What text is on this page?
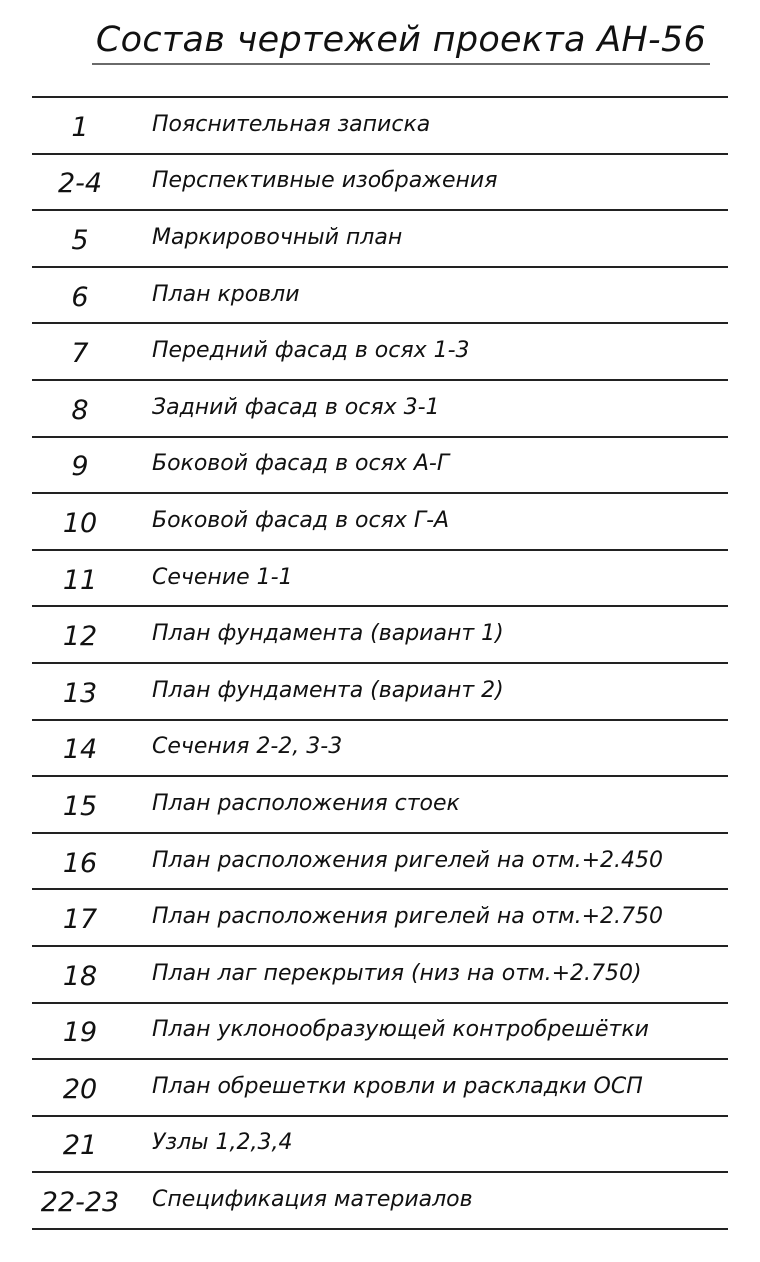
Состав чертежей проекта АН-56
1	Пояснительная записка
2-4	Перспективные изображения
5	Маркировочный план
6	План кровли
7	Передний фасад в осях 1-3
8	Задний фасад в осях 3-1
9	Боковой фасад в осях А-Г
10	Боковой фасад в осях Г-А
11	Сечение 1-1
12	План фундамента (вариант 1)
13	План фундамента (вариант 2)
14	Сечения 2-2, 3-3
15	План расположения стоек
16	План расположения ригелей на отм.+2.450
17	План расположения ригелей на отм.+2.750
18	План лаг перекрытия (низ на отм.+2.750)
19	План уклонообразующей контробрешётки
20	План обрешетки кровли и раскладки ОСП
21	Узлы 1,2,3,4
22-23	Спецификация материалов
